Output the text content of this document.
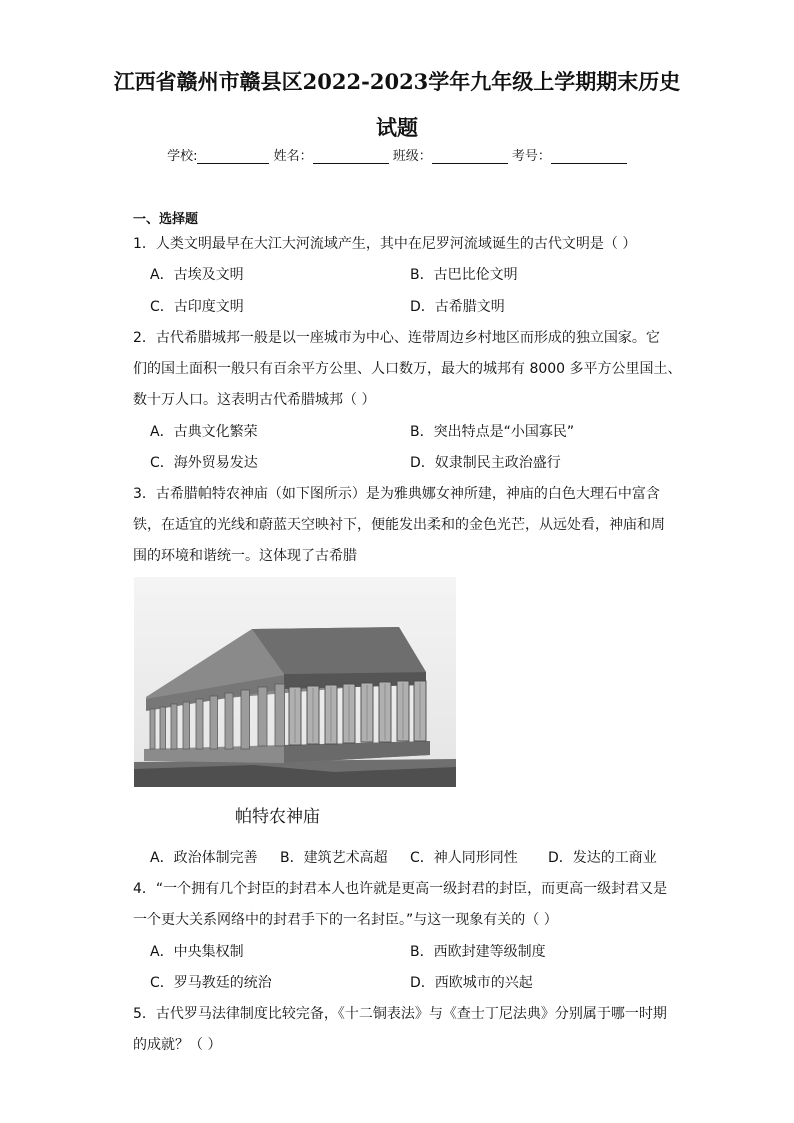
江西省赣州市赣县区2022-2023学年九年级上学期期末历史
试题
学校:	姓名：	班级：	考号：
一、选择题
1．人类文明最早在大江大河流域产生，其中在尼罗河流域诞生的古代文明是（ ）
A．古埃及文明	B．古巴比伦文明
C．古印度文明	D．古希腊文明
2．古代希腊城邦一般是以一座城市为中心、连带周边乡村地区而形成的独立国家。它
们的国土面积一般只有百余平方公里、人口数万，最大的城邦有 8000 多平方公里国土、
数十万人口。这表明古代希腊城邦（ ）
A．古典文化繁荣	B．突出特点是“小国寡民”
C．海外贸易发达	D．奴隶制民主政治盛行
3．古希腊帕特农神庙（如下图所示）是为雅典娜女神所建，神庙的白色大理石中富含
铁，在适宜的光线和蔚蓝天空映衬下，便能发出柔和的金色光芒，从远处看，神庙和周
围的环境和谐统一。这体现了古希腊
帕特农神庙
A．政治体制完善 B．建筑艺术高超 C．神人同形同性 D．发达的工商业
4．“一个拥有几个封臣的封君本人也许就是更高一级封君的封臣，而更高一级封君又是
一个更大关系网络中的封君手下的一名封臣。”与这一现象有关的（ ）
A．中央集权制	B．西欧封建等级制度
C．罗马教廷的统治	D．西欧城市的兴起
5．古代罗马法律制度比较完备，《十二铜表法》与《查士丁尼法典》分别属于哪一时期
的成就？（ ）
